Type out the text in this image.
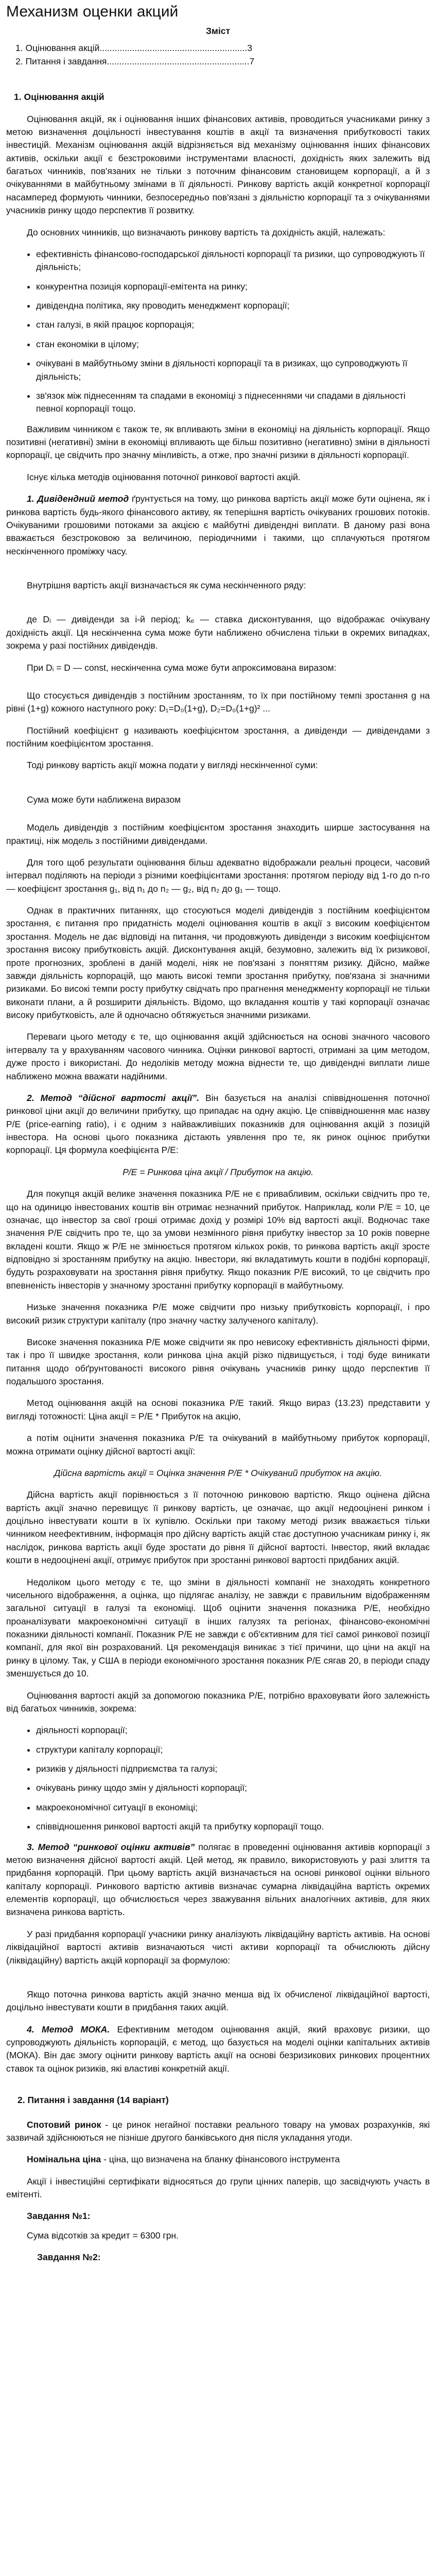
Механизм оценки акций
Зміст
1. Оцінювання акцій...........................................................3
2. Питання і завдання.........................................................7
1. Оцінювання акцій

Оцінювання акцій, як і оцінювання інших фінансових активів, проводиться учасниками ринку з метою визначення доцільності інвестування коштів в акції та визначення прибутковості таких інвестицій. Механізм оцінювання акцій відрізняється від механізму оцінювання інших фінансових активів, оскільки акції є безстроковими інструментами власності, дохідність яких залежить від багатьох чинників, пов'язаних не тільки з поточним фінансовим становищем корпорації, а й з очікуваннями в майбутньому змінами в її діяльності. Ринкову вартість акцій конкретної корпорації насамперед формують чинники, безпосередньо пов'язані з діяльністю корпорації та з очікуваннями учасників ринку щодо перспектив її розвитку.

До основних чинників, що визначають ринкову вартість та дохідність акцій, належать:

• ефективність фінансово-господарської діяльності корпорації та ризики, що супроводжують її діяльність;
• конкурентна позиція корпорації-емітента на ринку;
• дивідендна політика, яку проводить менеджмент корпорації;
• стан галузі, в якій працює корпорація;
• стан економіки в цілому;
• очікувані в майбутньому зміни в діяльності корпорації та в ризиках, що супроводжують її діяльність;
• зв'язок між піднесенням та спадами в економіці з піднесеннями чи спадами в діяльності певної корпорації тощо.

Важливим чинником є також те, як впливають зміни в економіці на діяльність корпорації. Якщо позитивні (негативні) зміни в економіці впливають ще більш позитивно (негативно) зміни в діяльності корпорації, це свідчить про значну мінливість, а отже, про значні ризики в діяльності корпорації.

Існує кілька методів оцінювання поточної ринкової вартості акцій.

1. Дивідендний метод ґрунтується на тому, що ринкова вартість акції може бути оцінена, як і ринкова вартість будь-якого фінансового активу, як теперішня вартість очікуваних грошових потоків. Очікуваними грошовими потоками за акцією є майбутні дивідендні виплати. В даному разі вона вважається безстроковою за величиною, періодичними і такими, що сплачуються протягом нескінченного проміжку часу.

Внутрішня вартість акції визначається як сума нескінченного ряду:

де Dᵢ — дивіденди за і-й період; kₑ — ставка дисконтування, що відображає очікувану дохідність акції. Ця нескінченна сума може бути наближено обчислена тільки в окремих випадках, зокрема у разі постійних дивідендів.

При Dᵢ = D — const, нескінченна сума може бути апроксимована виразом:

Що стосується дивідендів з постійним зростанням, то їх при постійному темпі зростання g на рівні (1+g) кожного наступного року: D₁=D₀(1+g), D₂=D₀(1+g)² ...

Постійний коефіцієнт g називають коефіцієнтом зростання, а дивіденди — дивідендами з постійним коефіцієнтом зростання.

Тоді ринкову вартість акції можна подати у вигляді нескінченної суми:

Сума може бути наближена виразом

Модель дивідендів з постійним коефіцієнтом зростання знаходить ширше застосування на практиці, ніж модель з постійними дивідендами.

Для того щоб результати оцінювання більш адекватно відображали реальні процеси, часовий інтервал поділяють на періоди з різними коефіцієнтами зростання: протягом періоду від 1-го до n-го — коефіцієнт зростання g₁, від n₁ до n₂ — g₂, від n₂ до g₁ — тощо.

Однак в практичних питаннях, що стосуються моделі дивідендів з постійним коефіцієнтом зростання, є питання про придатність моделі оцінювання коштів в акції з високим коефіцієнтом зростання. Модель не дає відповіді на питання, чи продовжують дивіденди з високим коефіцієнтом зростання високу прибутковість акцій. Дисконтування акцій, безумовно, залежить від їх ризикової, проте прогнозних, зроблені в даній моделі, ніяк не пов'язані з поняттям ризику. Дійсно, майже завжди діяльність корпорацій, що мають високі темпи зростання прибутку, пов'язана зі значними ризиками. Бо високі темпи росту прибутку свідчать про прагнення менеджменту корпорації не тільки виконати плани, а й розширити діяльність. Відомо, що вкладання коштів у такі корпорації означає високу прибутковість, але й одночасно обтяжується значними ризиками.

Переваги цього методу є те, що оцінювання акцій здійснюється на основі значного часового інтервалу та у врахуванням часового чинника. Оцінки ринкової вартості, отримані за цим методом, дуже просто і використані. До недоліків методу можна віднести те, що дивідендні виплати лише наближено можна вважати надійними.

2. Метод “дійсної вартості акції”. Він базується на аналізі співвідношення поточної ринкової ціни акції до величини прибутку, що припадає на одну акцію. Це співвідношення має назву P/E (price-earning ratio), і є одним з найважливіших показників для оцінювання акцій з позицій інвестора. На основі цього показника дістають уявлення про те, як ринок оцінює прибутки корпорації. Ця формула коефіцієнта P/E:

P/E = Ринкова ціна акції / Прибуток на акцію.

Для покупця акцій велике значення показника P/E не є привабливим, оскільки свідчить про те, що на одиницю інвестованих коштів він отримає незначний прибуток. Наприклад, коли P/E = 10, це означає, що інвестор за свої гроші отримає дохід у розмірі 10% від вартості акції. Водночас таке значення P/E свідчить про те, що за умови незмінного рівня прибутку інвестор за 10 років поверне вкладені кошти. Якщо ж P/E не змінюється протягом кількох років, то ринкова вартість акції зросте відповідно зі зростанням прибутку на акцію. Інвестори, які вкладатимуть кошти в подібні корпорації, будуть розраховувати на зростання рівня прибутку. Якщо показник P/E високий, то це свідчить про впевненість інвесторів у значному зростанні прибутку корпорації в майбутньому.

Низьке значення показника P/E може свідчити про низьку прибутковість корпорації, і про високий ризик структури капіталу (про значну частку залученого капіталу).

Високе значення показника P/E може свідчити як про невисоку ефективність діяльності фірми, так і про її швидке зростання, коли ринкова ціна акцій різко підвищується, і тоді буде виникати питання щодо обґрунтованості високого рівня очікувань учасників ринку щодо перспектив її подальшого зростання.

Метод оцінювання акцій на основі показника P/E такий. Якщо вираз (13.23) представити у вигляді тотожності: Ціна акції = P/E * Прибуток на акцію,

а потім оцінити значення показника P/E та очікуваний в майбутньому прибуток корпорації, можна отримати оцінку дійсної вартості акції:

Дійсна вартість акції = Оцінка значення P/E * Очікуваний прибуток на акцію.

Дійсна вартість акції порівнюється з її поточною ринковою вартістю. Якщо оцінена дійсна вартість акції значно перевищує її ринкову вартість, це означає, що акції недооцінені ринком і доцільно інвестувати кошти в їх купівлю. Оскільки при такому методі ризик вважається тільки чинником неефективним, інформація про дійсну вартість акцій стає доступною учасникам ринку і, як наслідок, ринкова вартість акції буде зростати до рівня її дійсної вартості. Інвестор, який вкладає кошти в недооцінені акції, отримує прибуток при зростанні ринкової вартості придбаних акцій.

Недоліком цього методу є те, що зміни в діяльності компанії не знаходять конкретного чисельного відображення, а оцінка, що підлягає аналізу, не завжди є правильним відображенням загальної ситуації в галузі та економіці. Щоб оцінити значення показника P/E, необхідно проаналізувати макроекономічні ситуації в інших галузях та регіонах, фінансово-економічні показники діяльності компанії. Показник P/E не завжди є об'єктивним для тієї самої ринкової позиції компанії, для якої він розрахований. Ця рекомендація виникає з тієї причини, що ціни на акції на ринку в цілому. Так, у США в періоди економічного зростання показник P/E сягав 20, в періоди спаду зменшується до 10.

Оцінювання вартості акцій за допомогою показника P/E, потрібно враховувати його залежність від багатьох чинників, зокрема:

• діяльності корпорації;
• структури капіталу корпорації;
• ризиків у діяльності підприємства та галузі;
• очікувань ринку щодо змін у діяльності корпорації;
• макроекономічної ситуації в економіці;
• співвідношення ринкової вартості акцій та прибутку корпорації тощо.

3. Метод “ринкової оцінки активів” полягає в проведенні оцінювання активів корпорації з метою визначення дійсної вартості акцій. Цей метод, як правило, використовують у разі злиття та придбання корпорацій. При цьому вартість акцій визначається на основі ринкової оцінки вільного капіталу корпорації. Ринкового вартістю активів визначає сумарна ліквідаційна вартість окремих елементів корпорації, що обчислюється через зважування вільних аналогічних активів, для яких визначена ринкова вартість.

У разі придбання корпорації учасники ринку аналізують ліквідаційну вартість активів. На основі ліквідаційної вартості активів визначаються чисті активи корпорації та обчислюють дійсну (ліквідаційну) вартість акцій корпорації за формулою:

Якщо поточна ринкова вартість акцій значно менша від їх обчисленої ліквідаційної вартості, доцільно інвестувати кошти в придбання таких акцій.

4. Метод МОКА. Ефективним методом оцінювання акцій, який враховує ризики, що супроводжують діяльність корпорацій, є метод, що базується на моделі оцінки капітальних активів (МОКА). Він дає змогу оцінити ринкову вартість акції на основі безризикових ринкових процентних ставок та оцінок ризиків, які властиві конкретній акції.

2. Питання і завдання (14 варіант)

Спотовий ринок - це ринок негайної поставки реального товару на умовах розрахунків, які зазвичай здійснюються не пізніше другого банківського дня після укладання угоди.

Номінальна ціна - ціна, що визначена на бланку фінансового інструмента

Акції і інвестиційні сертифікати відносяться до групи цінних паперів, що засвідчують участь в емітенті.

Завдання №1:

Сума відсотків за кредит = 6300 грн.

Завдання №2:
